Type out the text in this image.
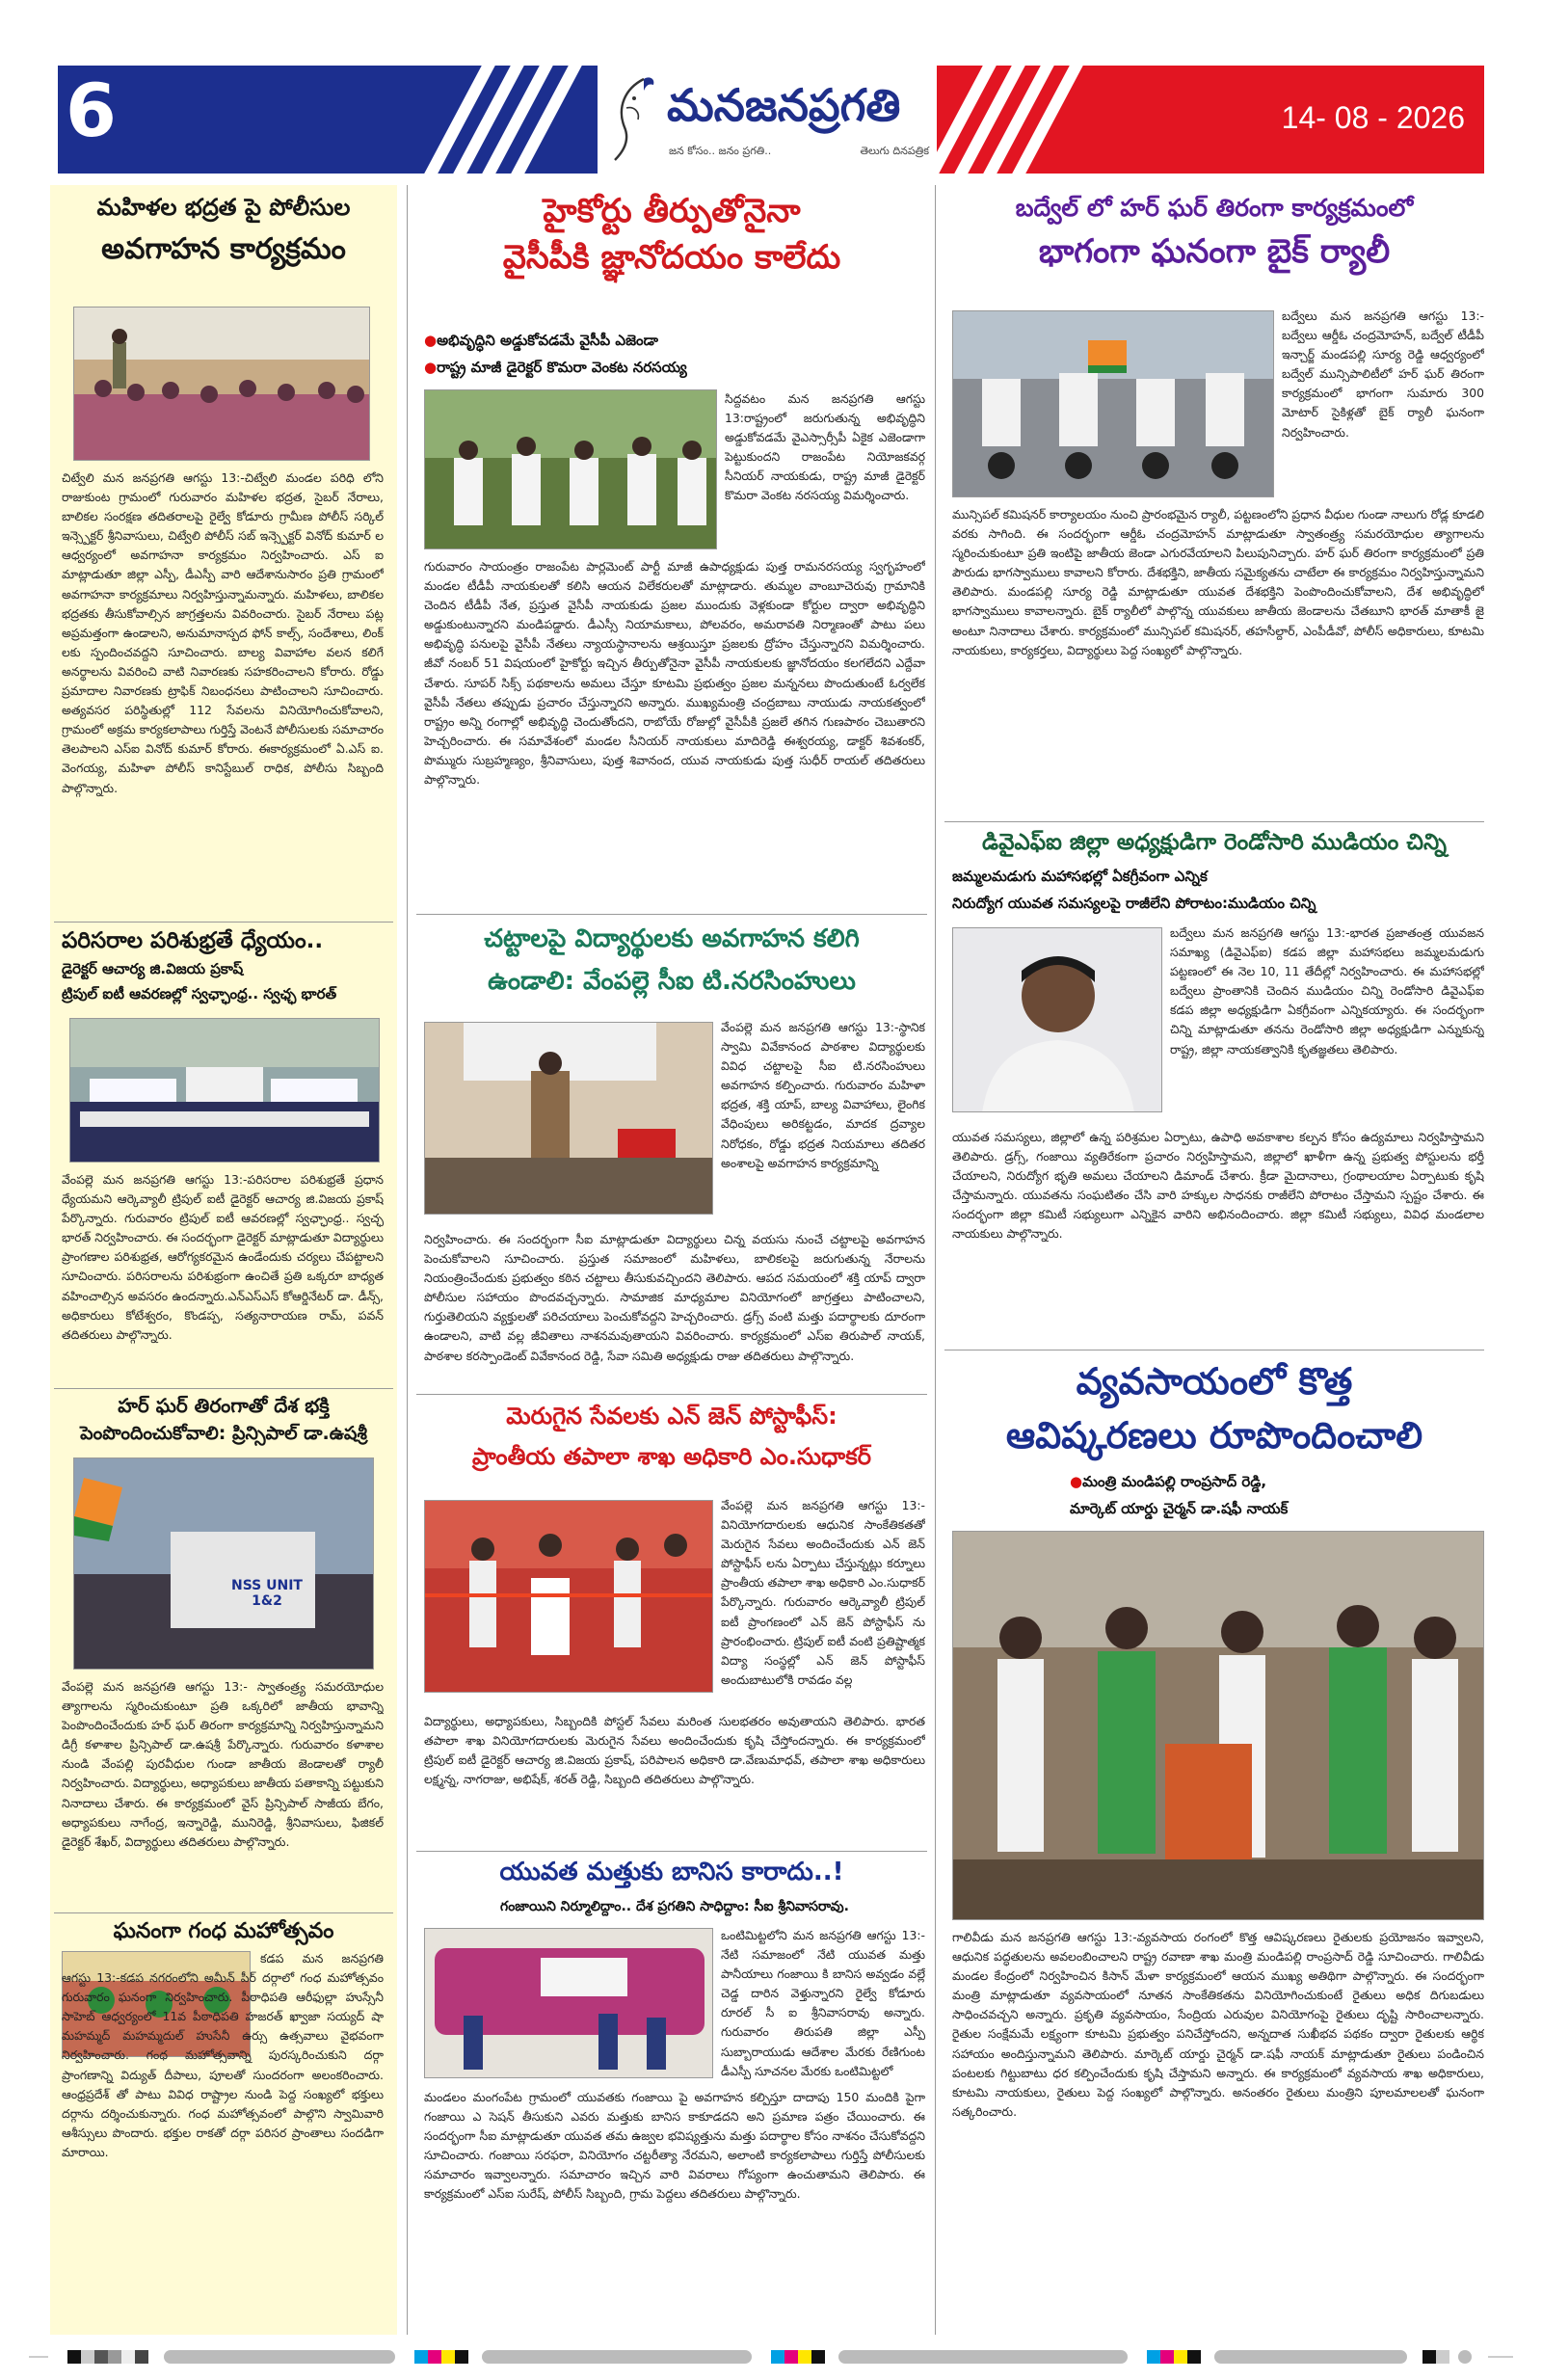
6	14- 08 - 2026
మనజనప్రగతి
జన కోసం.. జనం ప్రగతి..	తెలుగు దినపత్రిక
మహిళల భద్రత పై పోలీసుల
అవగాహన కార్యక్రమం
చిట్వేలి మన జనప్రగతి ఆగస్టు 13:-చిట్వేలి మండల పరిధి లోని రాజుకుంట గ్రామంలో గురువారం మహిళల భద్రత, సైబర్ నేరాలు, బాలికల సంరక్షణ తదితరాలపై రైల్వే కోడూరు గ్రామీణ పోలీస్ సర్కిల్ ఇన్స్పెక్టర్ శ్రీనివాసులు, చిట్వేలి పోలీస్ సబ్ ఇన్స్పెక్టర్ వినోద్ కుమార్ ల ఆధ్వర్యంలో అవగాహనా కార్యక్రమం నిర్వహించారు. ఎస్ ఐ మాట్లాడుతూ జిల్లా ఎస్పీ, డీఎస్పీ వారి ఆదేశానుసారం ప్రతి గ్రామంలో అవగాహనా కార్యక్రమాలు నిర్వహిస్తున్నామన్నారు. మహిళలు, బాలికల భద్రతకు తీసుకోవాల్సిన జాగ్రత్తలను వివరించారు. సైబర్ నేరాలు పట్ల అప్రమత్తంగా ఉండాలని, అనుమానాస్పద ఫోన్ కాల్స్, సందేశాలు, లింక్ లకు స్పందించవద్దని సూచించారు. బాల్య వివాహాల వలన కలిగే అనర్థాలను వివరించి వాటి నివారణకు సహకరించాలని కోరారు. రోడ్డు ప్రమాదాల నివారణకు ట్రాఫిక్ నిబంధనలు పాటించాలని సూచించారు. అత్యవసర పరిస్థితుల్లో 112 సేవలను వినియోగించుకోవాలని, గ్రామంలో అక్రమ కార్యకలాపాలు గుర్తిస్తే వెంటనే పోలీసులకు సమాచారం తెలపాలని ఎస్ఐ వినోద్ కుమార్ కోరారు. ఈకార్యక్రమంలో ఏ.ఎస్ ఐ. వెంగయ్య, మహిళా పోలీస్ కానిస్టేబుల్ రాధిక, పోలీసు సిబ్బంది పాల్గొన్నారు.
పరిసరాల పరిశుభ్రతే ధ్యేయం..
డైరెక్టర్ ఆచార్య జి.విజయ ప్రకాష్
ట్రిపుల్ ఐటీ ఆవరణల్లో స్వఛ్ఛాంధ్ర.. స్వఛ్ఛ భారత్
వేంపల్లె మన జనప్రగతి ఆగస్టు 13:-పరిసరాల పరిశుభ్రతే ప్రధాన ధ్యేయమని ఆర్కెవ్యాలీ ట్రిపుల్ ఐటీ డైరెక్టర్ ఆచార్య జి.విజయ ప్రకాష్ పేర్కొన్నారు. గురువారం ట్రిపుల్ ఐటీ ఆవరణల్లో స్వఛ్ఛాంధ్ర.. స్వచ్ఛ భారత్ నిర్వహించారు. ఈ సందర్భంగా డైరెక్టర్ మాట్లాడుతూ విద్యార్థులు ప్రాంగణాల పరిశుభ్రత, ఆరోగ్యకరమైన ఉండేందుకు చర్యలు చేపట్టాలని సూచించారు. పరిసరాలను పరిశుభ్రంగా ఉంచితే ప్రతి ఒక్కరూ బాధ్యత వహించాల్సిన అవసరం ఉందన్నారు.ఎన్ఎస్ఎస్ కోఆర్డినేటర్ డా. డీన్స్, అధికారులు కోటేశ్వరం, కొండప్ప, సత్యనారాయణ రామ్, పవన్ తదితరులు పాల్గొన్నారు.
హర్ ఘర్ తిరంగాతో దేశ భక్తి
పెంపొందించుకోవాలి: ప్రిన్సిపాల్ డా.ఉషశ్రీ
NSS UNIT 1&2
వేంపల్లె మన జనప్రగతి ఆగస్టు 13:- స్వాతంత్ర్య సమరయోధుల త్యాగాలను స్మరించుకుంటూ ప్రతి ఒక్కరిలో జాతీయ భావాన్ని పెంపొందించేందుకు హర్ ఘర్ తిరంగా కార్యక్రమాన్ని నిర్వహిస్తున్నామని డిగ్రీ కళాశాల ప్రిన్సిపాల్ డా.ఉషశ్రీ పేర్కొన్నారు. గురువారం కళాశాల నుండి వేంపల్లి పురవీధుల గుండా జాతీయ జెండాలతో ర్యాలీ నిర్వహించారు. విద్యార్థులు, అధ్యాపకులు జాతీయ పతాకాన్ని పట్టుకుని నినాదాలు చేశారు. ఈ కార్యక్రమంలో వైస్ ప్రిన్సిపాల్ సాజీయ బేగం, అధ్యాపకులు నాగేంద్ర, ఇన్నారెడ్డి, మునిరెడ్డి, శ్రీనివాసులు, ఫిజికల్ డైరెక్టర్ శేఖర్, విద్యార్థులు తదితరులు పాల్గొన్నారు.
ఘనంగా గంధ మహోత్సవం
కడప మన జనప్రగతి ఆగస్టు 13:-కడప నగరంలోని అమీన్ పీర్ దర్గాలో గంధ మహోత్సవం గురువారం ఘనంగా నిర్వహించారు. పీఠాధిపతి ఆరీఫుల్లా హుస్సేనీ సాహెబ్ ఆధ్వర్యంలో 11వ పీఠాధిపతి హజరత్ ఖ్వాజా సయ్యద్ షా మహమ్మద్ మహమ్మదుల్ హుసేనీ ఉర్సు ఉత్సవాలు వైభవంగా నిర్వహించారు. గంధ మహోత్సవాన్ని పురస్కరించుకుని దర్గా ప్రాంగణాన్ని విద్యుత్ దీపాలు, పూలతో సుందరంగా అలంకరించారు. ఆంధ్రప్రదేశ్ తో పాటు వివిధ రాష్ట్రాల నుండి పెద్ద సంఖ్యలో భక్తులు దర్గాను దర్శించుకున్నారు. గంధ మహోత్సవంలో పాల్గొని స్వామివారి ఆశీస్సులు పొందారు. భక్తుల రాకతో దర్గా పరిసర ప్రాంతాలు సందడిగా మారాయి.
హైకోర్టు తీర్పుతోనైనా
వైసీపీకి జ్ఞానోదయం కాలేదు
● అభివృద్ధిని అడ్డుకోవడమే వైసీపీ ఎజెండా
● రాష్ట్ర మాజీ డైరెక్టర్ కొమరా వెంకట నరసయ్య
సిద్దవటం మన జనప్రగతి ఆగస్టు 13:రాష్ట్రంలో జరుగుతున్న అభివృద్ధిని అడ్డుకోవడమే వైఎస్సార్సీపీ ఏకైక ఎజెండాగా పెట్టుకుందని రాజంపేట నియోజకవర్గ సీనియర్ నాయకుడు, రాష్ట్ర మాజీ డైరెక్టర్ కొమరా వెంకట నరసయ్య విమర్శించారు.
గురువారం సాయంత్రం రాజంపేట పార్లమెంట్ పార్టీ మాజీ ఉపాధ్యక్షుడు పుత్త రామనరసయ్య స్వగృహంలో మండల టీడీపీ నాయకులతో కలిసి ఆయన విలేకరులతో మాట్లాడారు. తుమ్మల వాంబూచెరువు గ్రామానికి చెందిన టీడీపీ నేత, ప్రస్తుత వైసీపీ నాయకుడు ప్రజల ముందుకు వెళ్లకుండా కోర్టుల ద్వారా అభివృద్ధిని అడ్డుకుంటున్నారని మండిపడ్డారు. డీఎస్సీ నియామకాలు, పోలవరం, అమరావతి నిర్మాణంతో పాటు పలు అభివృద్ధి పనులపై వైసీపీ నేతలు న్యాయస్థానాలను ఆశ్రయిస్తూ ప్రజలకు ద్రోహం చేస్తున్నారని విమర్శించారు. జీవో నంబర్ 51 విషయంలో హైకోర్టు ఇచ్చిన తీర్పుతోనైనా వైసీపీ నాయకులకు జ్ఞానోదయం కలగలేదని ఎద్దేవా చేశారు. సూపర్ సిక్స్ పథకాలను అమలు చేస్తూ కూటమి ప్రభుత్వం ప్రజల మన్ననలు పొందుతుంటే ఓర్వలేక వైసీపీ నేతలు తప్పుడు ప్రచారం చేస్తున్నారని అన్నారు. ముఖ్యమంత్రి చంద్రబాబు నాయుడు నాయకత్వంలో రాష్ట్రం అన్ని రంగాల్లో అభివృద్ధి చెందుతోందని, రాబోయే రోజుల్లో వైసీపీకి ప్రజలే తగిన గుణపాఠం చెబుతారని హెచ్చరించారు. ఈ సమావేశంలో మండల సీనియర్ నాయకులు మాదిరెడ్డి ఈశ్వరయ్య, డాక్టర్ శివశంకర్, పొమ్మురు సుబ్రహ్మణ్యం, శ్రీనివాసులు, పుత్త శివానంద, యువ నాయకుడు పుత్త సుధీర్ రాయల్ తదితరులు పాల్గొన్నారు.
చట్టాలపై విద్యార్థులకు అవగాహన కలిగి
ఉండాలి: వేంపల్లె సీఐ టి.నరసింహులు
వేంపల్లె మన జనప్రగతి ఆగస్టు 13:-స్థానిక స్వామి వివేకానంద పాఠశాల విద్యార్థులకు వివిధ చట్టాలపై సీఐ టి.నరసింహులు అవగాహన కల్పించారు. గురువారం మహిళా భద్రత, శక్తి యాప్, బాల్య వివాహాలు, లైంగిక వేధింపులు అరికట్టడం, మాదక ద్రవ్యాల నిరోధకం, రోడ్డు భద్రత నియమాలు తదితర అంశాలపై అవగాహన కార్యక్రమాన్ని
నిర్వహించారు. ఈ సందర్భంగా సీఐ మాట్లాడుతూ విద్యార్థులు చిన్న వయసు నుంచే చట్టాలపై అవగాహన పెంచుకోవాలని సూచించారు. ప్రస్తుత సమాజంలో మహిళలు, బాలికలపై జరుగుతున్న నేరాలను నియంత్రించేందుకు ప్రభుత్వం కఠిన చట్టాలు తీసుకువచ్చిందని తెలిపారు. ఆపద సమయంలో శక్తి యాప్ ద్వారా పోలీసుల సహాయం పొందవచ్చన్నారు. సామాజిక మాధ్యమాల వినియోగంలో జాగ్రత్తలు పాటించాలని, గుర్తుతెలియని వ్యక్తులతో పరిచయాలు పెంచుకోవద్దని హెచ్చరించారు. డ్రగ్స్ వంటి మత్తు పదార్థాలకు దూరంగా ఉండాలని, వాటి వల్ల జీవితాలు నాశనమవుతాయని వివరించారు. కార్యక్రమంలో ఎస్ఐ తిరుపాల్ నాయక్, పాఠశాల కరస్పాండెంట్ వివేకానంద రెడ్డి, సేవా సమితి అధ్యక్షుడు రాజు తదితరులు పాల్గొన్నారు.
మెరుగైన సేవలకు ఎన్ జెన్ పోస్టాఫీస్:
ప్రాంతీయ తపాలా శాఖ అధికారి ఎం.సుధాకర్
వేంపల్లె మన జనప్రగతి ఆగస్టు 13:-వినియోగదారులకు ఆధునిక సాంకేతికతతో మెరుగైన సేవలు అందించేందుకు ఎన్ జెన్ పోస్టాఫీస్ లను ఏర్పాటు చేస్తున్నట్లు కర్నూలు ప్రాంతీయ తపాలా శాఖ అధికారి ఎం.సుధాకర్ పేర్కొన్నారు. గురువారం ఆర్కెవ్యాలీ ట్రిపుల్ ఐటీ ప్రాంగణంలో ఎన్ జెన్ పోస్టాఫీస్ ను ప్రారంభించారు. ట్రిపుల్ ఐటీ వంటి ప్రతిష్టాత్మక విద్యా సంస్థల్లో ఎన్ జెన్ పోస్టాఫీస్ అందుబాటులోకి రావడం వల్ల
విద్యార్థులు, అధ్యాపకులు, సిబ్బందికి పోస్టల్ సేవలు మరింత సులభతరం అవుతాయని తెలిపారు. భారత తపాలా శాఖ వినియోగదారులకు మెరుగైన సేవలు అందించేందుకు కృషి చేస్తోందన్నారు. ఈ కార్యక్రమంలో ట్రిపుల్ ఐటీ డైరెక్టర్ ఆచార్య జి.విజయ ప్రకాష్, పరిపాలన అధికారి డా.వేణుమాధవ్, తపాలా శాఖ అధికారులు లక్ష్మన్న, నాగరాజు, అభిషేక్, శరత్ రెడ్డి, సిబ్బంది తదితరులు పాల్గొన్నారు.
యువత మత్తుకు బానిస కారాదు..!
గంజాయిని నిర్మూలిద్దాం.. దేశ ప్రగతిని సాధిద్దాం: సీఐ శ్రీనివాసరావు.
ఒంటిమిట్టలోని మన జనప్రగతి ఆగస్టు 13:-నేటి సమాజంలో నేటి యువత మత్తు పానీయాలు గంజాయి కి బానిస అవ్వడం వల్లే చెడ్డ దారిన వెళ్తున్నారని రైల్వే కోడూరు రూరల్ సీ ఐ శ్రీనివాసరావు అన్నారు. గురువారం తిరుపతి జిల్లా ఎస్పీ సుబ్బారాయుడు ఆదేశాల మేరకు రేణిగుంట డీఎస్పీ సూచనల మేరకు ఒంటిమిట్టలో
మండలం మంగంపేట గ్రామంలో యువతకు గంజాయి పై అవగాహన కల్పిస్తూ దాదాపు 150 మందికి పైగా గంజాయి ఎ సెషన్ తీసుకుని ఎవరు మత్తుకు బానిస కాకూడదని అని ప్రమాణ పత్రం చేయించారు. ఈ సందర్భంగా సీఐ మాట్లాడుతూ యువత తమ ఉజ్వల భవిష్యత్తును మత్తు పదార్థాల కోసం నాశనం చేసుకోవద్దని సూచించారు. గంజాయి సరఫరా, వినియోగం చట్టరీత్యా నేరమని, అలాంటి కార్యకలాపాలు గుర్తిస్తే పోలీసులకు సమాచారం ఇవ్వాలన్నారు. సమాచారం ఇచ్చిన వారి వివరాలు గోప్యంగా ఉంచుతామని తెలిపారు. ఈ కార్యక్రమంలో ఎస్ఐ సురేష్, పోలీస్ సిబ్బంది, గ్రామ పెద్దలు తదితరులు పాల్గొన్నారు.
బద్వేల్ లో హర్ ఘర్ తిరంగా కార్యక్రమంలో
భాగంగా ఘనంగా బైక్ ర్యాలీ
బద్వేలు మన జనప్రగతి ఆగస్టు 13:- బద్వేలు ఆర్డీఓ చంద్రమోహన్, బద్వేల్ టీడీపీ ఇన్చార్జ్ మండపల్లి సూర్య రెడ్డి ఆధ్వర్యంలో బద్వేల్ మున్సిపాలిటీలో హర్ ఘర్ తిరంగా కార్యక్రమంలో భాగంగా సుమారు 300 మోటార్ సైకిళ్లతో బైక్ ర్యాలీ ఘనంగా నిర్వహించారు.
మున్సిపల్ కమిషనర్ కార్యాలయం నుంచి ప్రారంభమైన ర్యాలీ, పట్టణంలోని ప్రధాన వీధుల గుండా నాలుగు రోడ్ల కూడలి వరకు సాగింది. ఈ సందర్భంగా ఆర్డీఓ చంద్రమోహన్ మాట్లాడుతూ స్వాతంత్ర్య సమరయోధుల త్యాగాలను స్మరించుకుంటూ ప్రతి ఇంటిపై జాతీయ జెండా ఎగురవేయాలని పిలుపునిచ్చారు. హర్ ఘర్ తిరంగా కార్యక్రమంలో ప్రతి పౌరుడు భాగస్వాములు కావాలని కోరారు. దేశభక్తిని, జాతీయ సమైక్యతను చాటేలా ఈ కార్యక్రమం నిర్వహిస్తున్నామని తెలిపారు. మండపల్లి సూర్య రెడ్డి మాట్లాడుతూ యువత దేశభక్తిని పెంపొందించుకోవాలని, దేశ అభివృద్ధిలో భాగస్వాములు కావాలన్నారు. బైక్ ర్యాలీలో పాల్గొన్న యువకులు జాతీయ జెండాలను చేతబూని భారత్ మాతాకీ జై అంటూ నినాదాలు చేశారు. కార్యక్రమంలో మున్సిపల్ కమిషనర్, తహసీల్దార్, ఎంపీడీవో, పోలీస్ అధికారులు, కూటమి నాయకులు, కార్యకర్తలు, విద్యార్థులు పెద్ద సంఖ్యలో పాల్గొన్నారు.
డివైఎఫ్ఐ జిల్లా అధ్యక్షుడిగా రెండోసారి ముడియం చిన్ని
జమ్మలమడుగు మహాసభల్లో ఏకగ్రీవంగా ఎన్నిక
నిరుద్యోగ యువత సమస్యలపై రాజీలేని పోరాటం:ముడియం చిన్ని
బద్వేలు మన జనప్రగతి ఆగస్టు 13:-భారత ప్రజాతంత్ర యువజన సమాఖ్య (డివైఎఫ్ఐ) కడప జిల్లా మహాసభలు జమ్మలమడుగు పట్టణంలో ఈ నెల 10, 11 తేదీల్లో నిర్వహించారు. ఈ మహాసభల్లో బద్వేలు ప్రాంతానికి చెందిన ముడియం చిన్ని రెండోసారి డివైఎఫ్ఐ కడప జిల్లా అధ్యక్షుడిగా ఏకగ్రీవంగా ఎన్నికయ్యారు. ఈ సందర్భంగా చిన్ని మాట్లాడుతూ తనను రెండోసారి జిల్లా అధ్యక్షుడిగా ఎన్నుకున్న రాష్ట్ర, జిల్లా నాయకత్వానికి కృతజ్ఞతలు తెలిపారు.
యువత సమస్యలు, జిల్లాలో ఉన్న పరిశ్రమల ఏర్పాటు, ఉపాధి అవకాశాల కల్పన కోసం ఉద్యమాలు నిర్వహిస్తామని తెలిపారు. డ్రగ్స్, గంజాయి వ్యతిరేకంగా ప్రచారం నిర్వహిస్తామని, జిల్లాలో ఖాళీగా ఉన్న ప్రభుత్వ పోస్టులను భర్తీ చేయాలని, నిరుద్యోగ భృతి అమలు చేయాలని డిమాండ్ చేశారు. క్రీడా మైదానాలు, గ్రంథాలయాల ఏర్పాటుకు కృషి చేస్తామన్నారు. యువతను సంఘటితం చేసి వారి హక్కుల సాధనకు రాజీలేని పోరాటం చేస్తామని స్పష్టం చేశారు. ఈ సందర్భంగా జిల్లా కమిటీ సభ్యులుగా ఎన్నికైన వారిని అభినందించారు. జిల్లా కమిటీ సభ్యులు, వివిధ మండలాల నాయకులు పాల్గొన్నారు.
వ్యవసాయంలో కొత్త
ఆవిష్కరణలు రూపొందించాలి
● మంత్రి మండిపల్లి రాంప్రసాద్ రెడ్డి,
మార్కెట్ యార్డు చైర్మన్ డా.షఫీ నాయక్
గాలివీడు మన జనప్రగతి ఆగస్టు 13:-వ్యవసాయ రంగంలో కొత్త ఆవిష్కరణలు రైతులకు ప్రయోజనం ఇవ్వాలని, ఆధునిక పద్ధతులను అవలంబించాలని రాష్ట్ర రవాణా శాఖ మంత్రి మండిపల్లి రాంప్రసాద్ రెడ్డి సూచించారు. గాలివీడు మండల కేంద్రంలో నిర్వహించిన కిసాన్ మేళా కార్యక్రమంలో ఆయన ముఖ్య అతిథిగా పాల్గొన్నారు. ఈ సందర్భంగా మంత్రి మాట్లాడుతూ వ్యవసాయంలో నూతన సాంకేతికతను వినియోగించుకుంటే రైతులు అధిక దిగుబడులు సాధించవచ్చని అన్నారు. ప్రకృతి వ్యవసాయం, సేంద్రియ ఎరువుల వినియోగంపై రైతులు దృష్టి సారించాలన్నారు. రైతుల సంక్షేమమే లక్ష్యంగా కూటమి ప్రభుత్వం పనిచేస్తోందని, అన్నదాత సుఖీభవ పథకం ద్వారా రైతులకు ఆర్థిక సహాయం అందిస్తున్నామని తెలిపారు. మార్కెట్ యార్డు చైర్మన్ డా.షఫీ నాయక్ మాట్లాడుతూ రైతులు పండించిన పంటలకు గిట్టుబాటు ధర కల్పించేందుకు కృషి చేస్తామని అన్నారు. ఈ కార్యక్రమంలో వ్యవసాయ శాఖ అధికారులు, కూటమి నాయకులు, రైతులు పెద్ద సంఖ్యలో పాల్గొన్నారు. అనంతరం రైతులు మంత్రిని పూలమాలలతో ఘనంగా సత్కరించారు.
